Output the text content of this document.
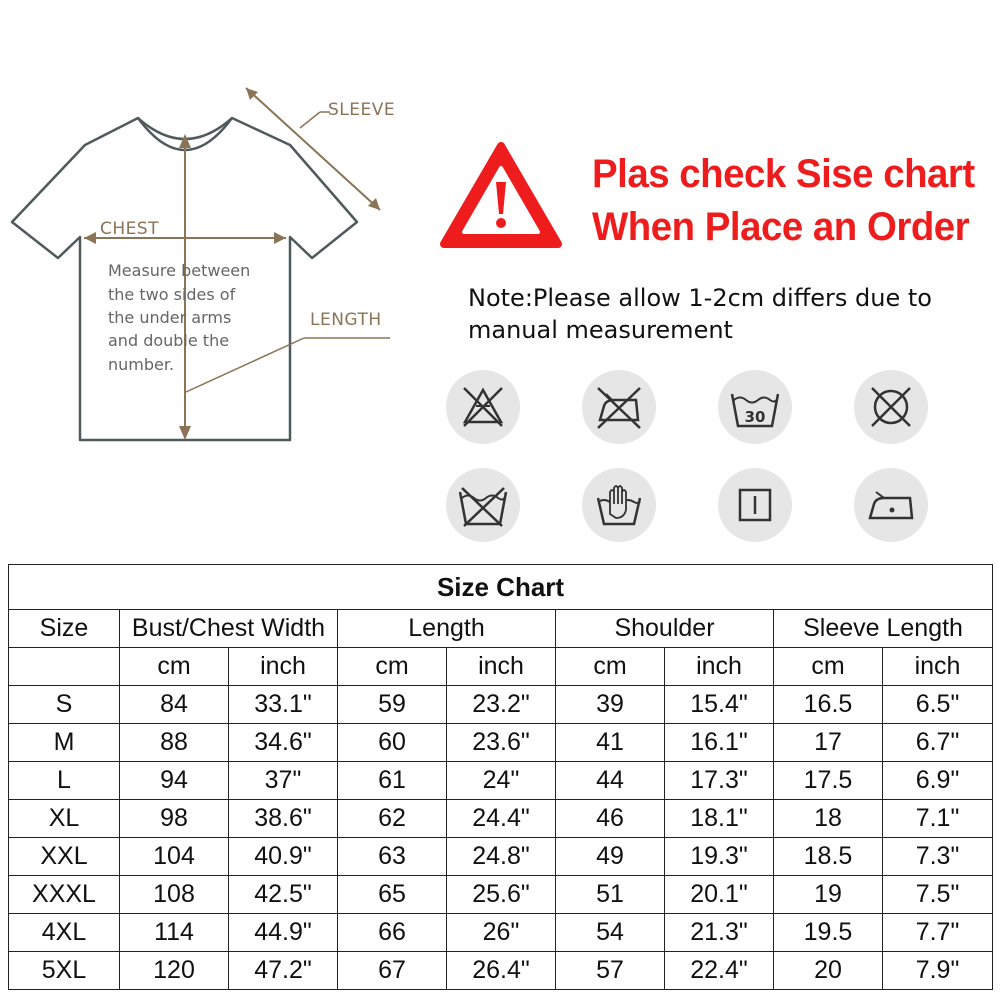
SLEEVE
CHEST
LENGTH
Measure between
the two sides of
the under arms
and double the
number.
Plas check Sise chart
When Place an Order
Note:Please allow 1-2cm differs due to manual measurement
30
Size Chart								
Size	Bust/Chest Width		Length		Shoulder		Sleeve Length	
	cm	inch	cm	inch	cm	inch	cm	inch
S	84	33.1"	59	23.2"	39	15.4"	16.5	6.5"
M	88	34.6"	60	23.6"	41	16.1"	17	6.7"
L	94	37"	61	24"	44	17.3"	17.5	6.9"
XL	98	38.6"	62	24.4"	46	18.1"	18	7.1"
XXL	104	40.9"	63	24.8"	49	19.3"	18.5	7.3"
XXXL	108	42.5"	65	25.6"	51	20.1"	19	7.5"
4XL	114	44.9"	66	26"	54	21.3"	19.5	7.7"
5XL	120	47.2"	67	26.4"	57	22.4"	20	7.9"
